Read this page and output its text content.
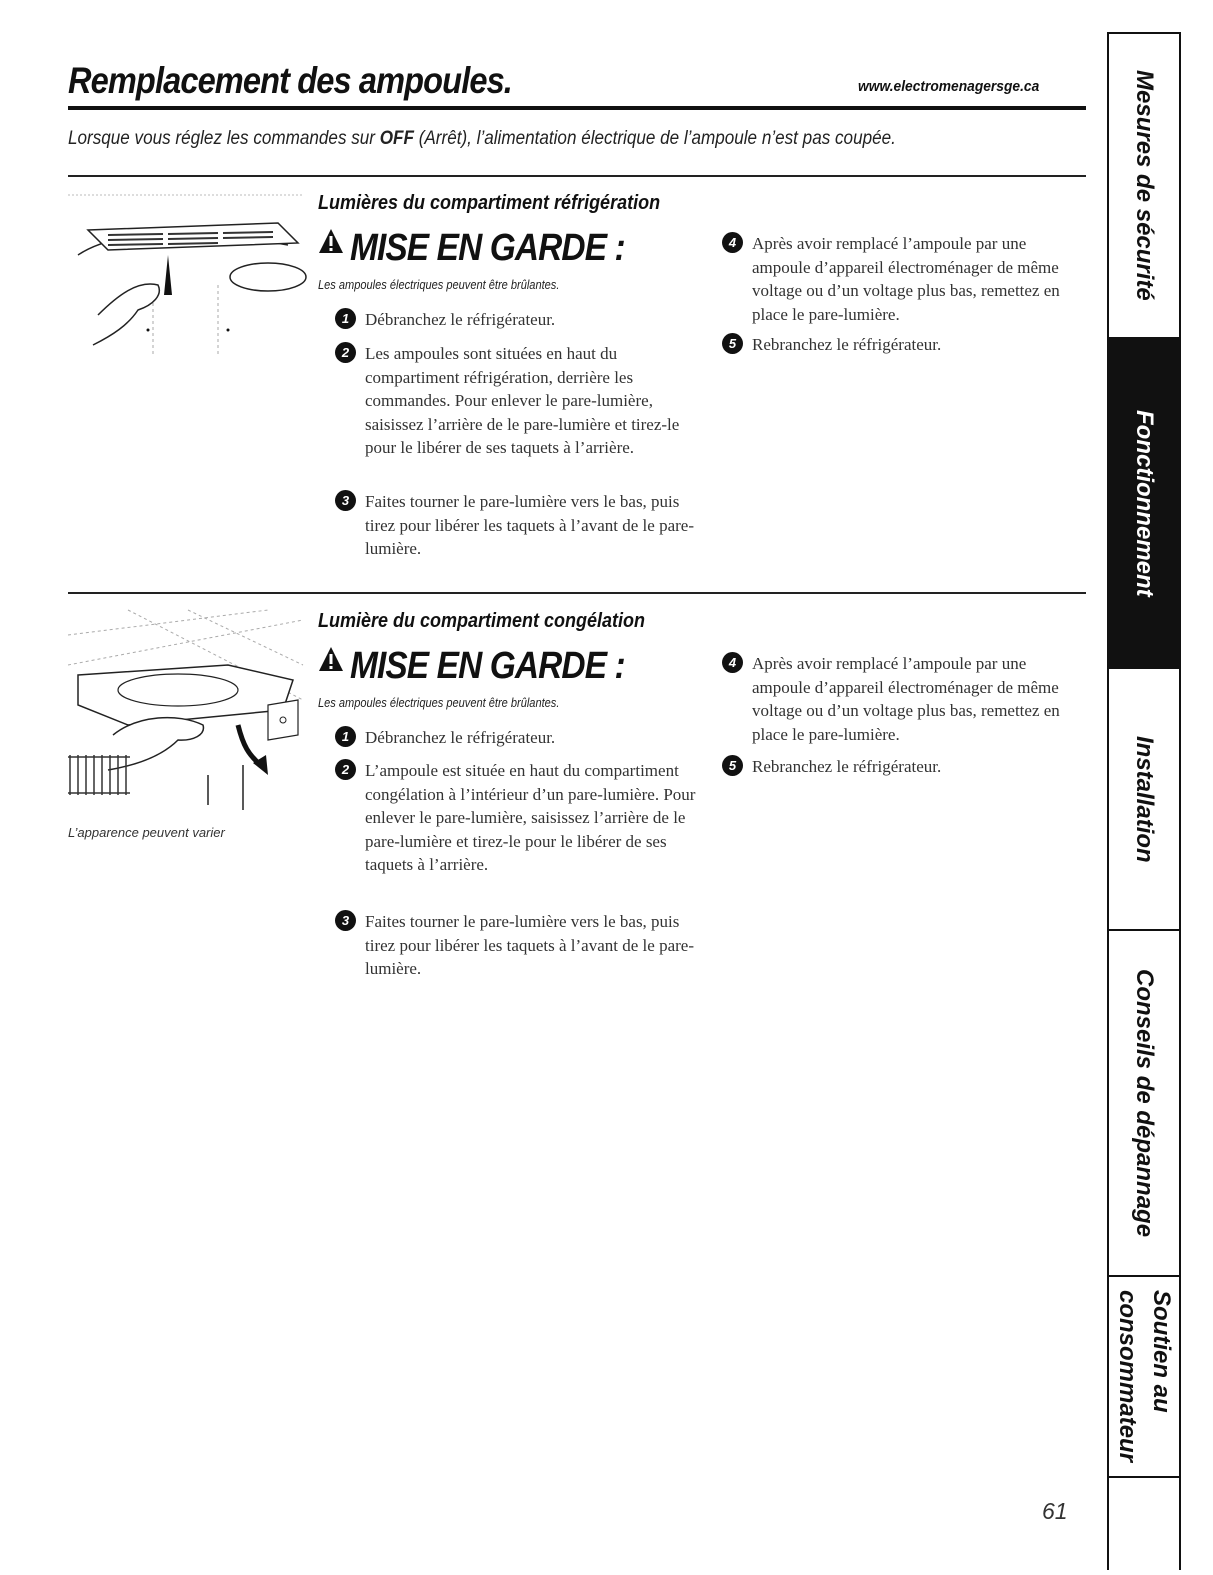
Remplacement des ampoules.	www.electromenagersge.ca
Lorsque vous réglez les commandes sur OFF (Arrêt), l’alimentation électrique de l’ampoule n’est pas coupée.
Lumières du compartiment réfrigération
MISE EN GARDE :
Les ampoules électriques peuvent être brûlantes.
1 Débranchez le réfrigérateur.
2 Les ampoules sont situées en haut du compartiment réfrigération, derrière les commandes. Pour enlever le pare-lumière, saisissez l’arrière de le pare-lumière et tirez-le pour le libérer de ses taquets à l’arrière.
3 Faites tourner le pare-lumière vers le bas, puis tirez pour libérer les taquets à l’avant de le pare-lumière.
4 Après avoir remplacé l’ampoule par une ampoule d’appareil électroménager de même voltage ou d’un voltage plus bas, remettez en place le pare-lumière.
5 Rebranchez le réfrigérateur.
L’apparence peuvent varier
Lumière du compartiment congélation
MISE EN GARDE :
Les ampoules électriques peuvent être brûlantes.
1 Débranchez le réfrigérateur.
2 L’ampoule est située en haut du compartiment congélation à l’intérieur d’un pare-lumière. Pour enlever le pare-lumière, saisissez l’arrière de le pare-lumière et tirez-le pour le libérer de ses taquets à l’arrière.
3 Faites tourner le pare-lumière vers le bas, puis tirez pour libérer les taquets à l’avant de le pare-lumière.
4 Après avoir remplacé l’ampoule par une ampoule d’appareil électroménager de même voltage ou d’un voltage plus bas, remettez en place le pare-lumière.
5 Rebranchez le réfrigérateur.
61
Mesures de sécurité
Fonctionnement
Installation
Conseils de dépannage
Soutien au
consommateur
